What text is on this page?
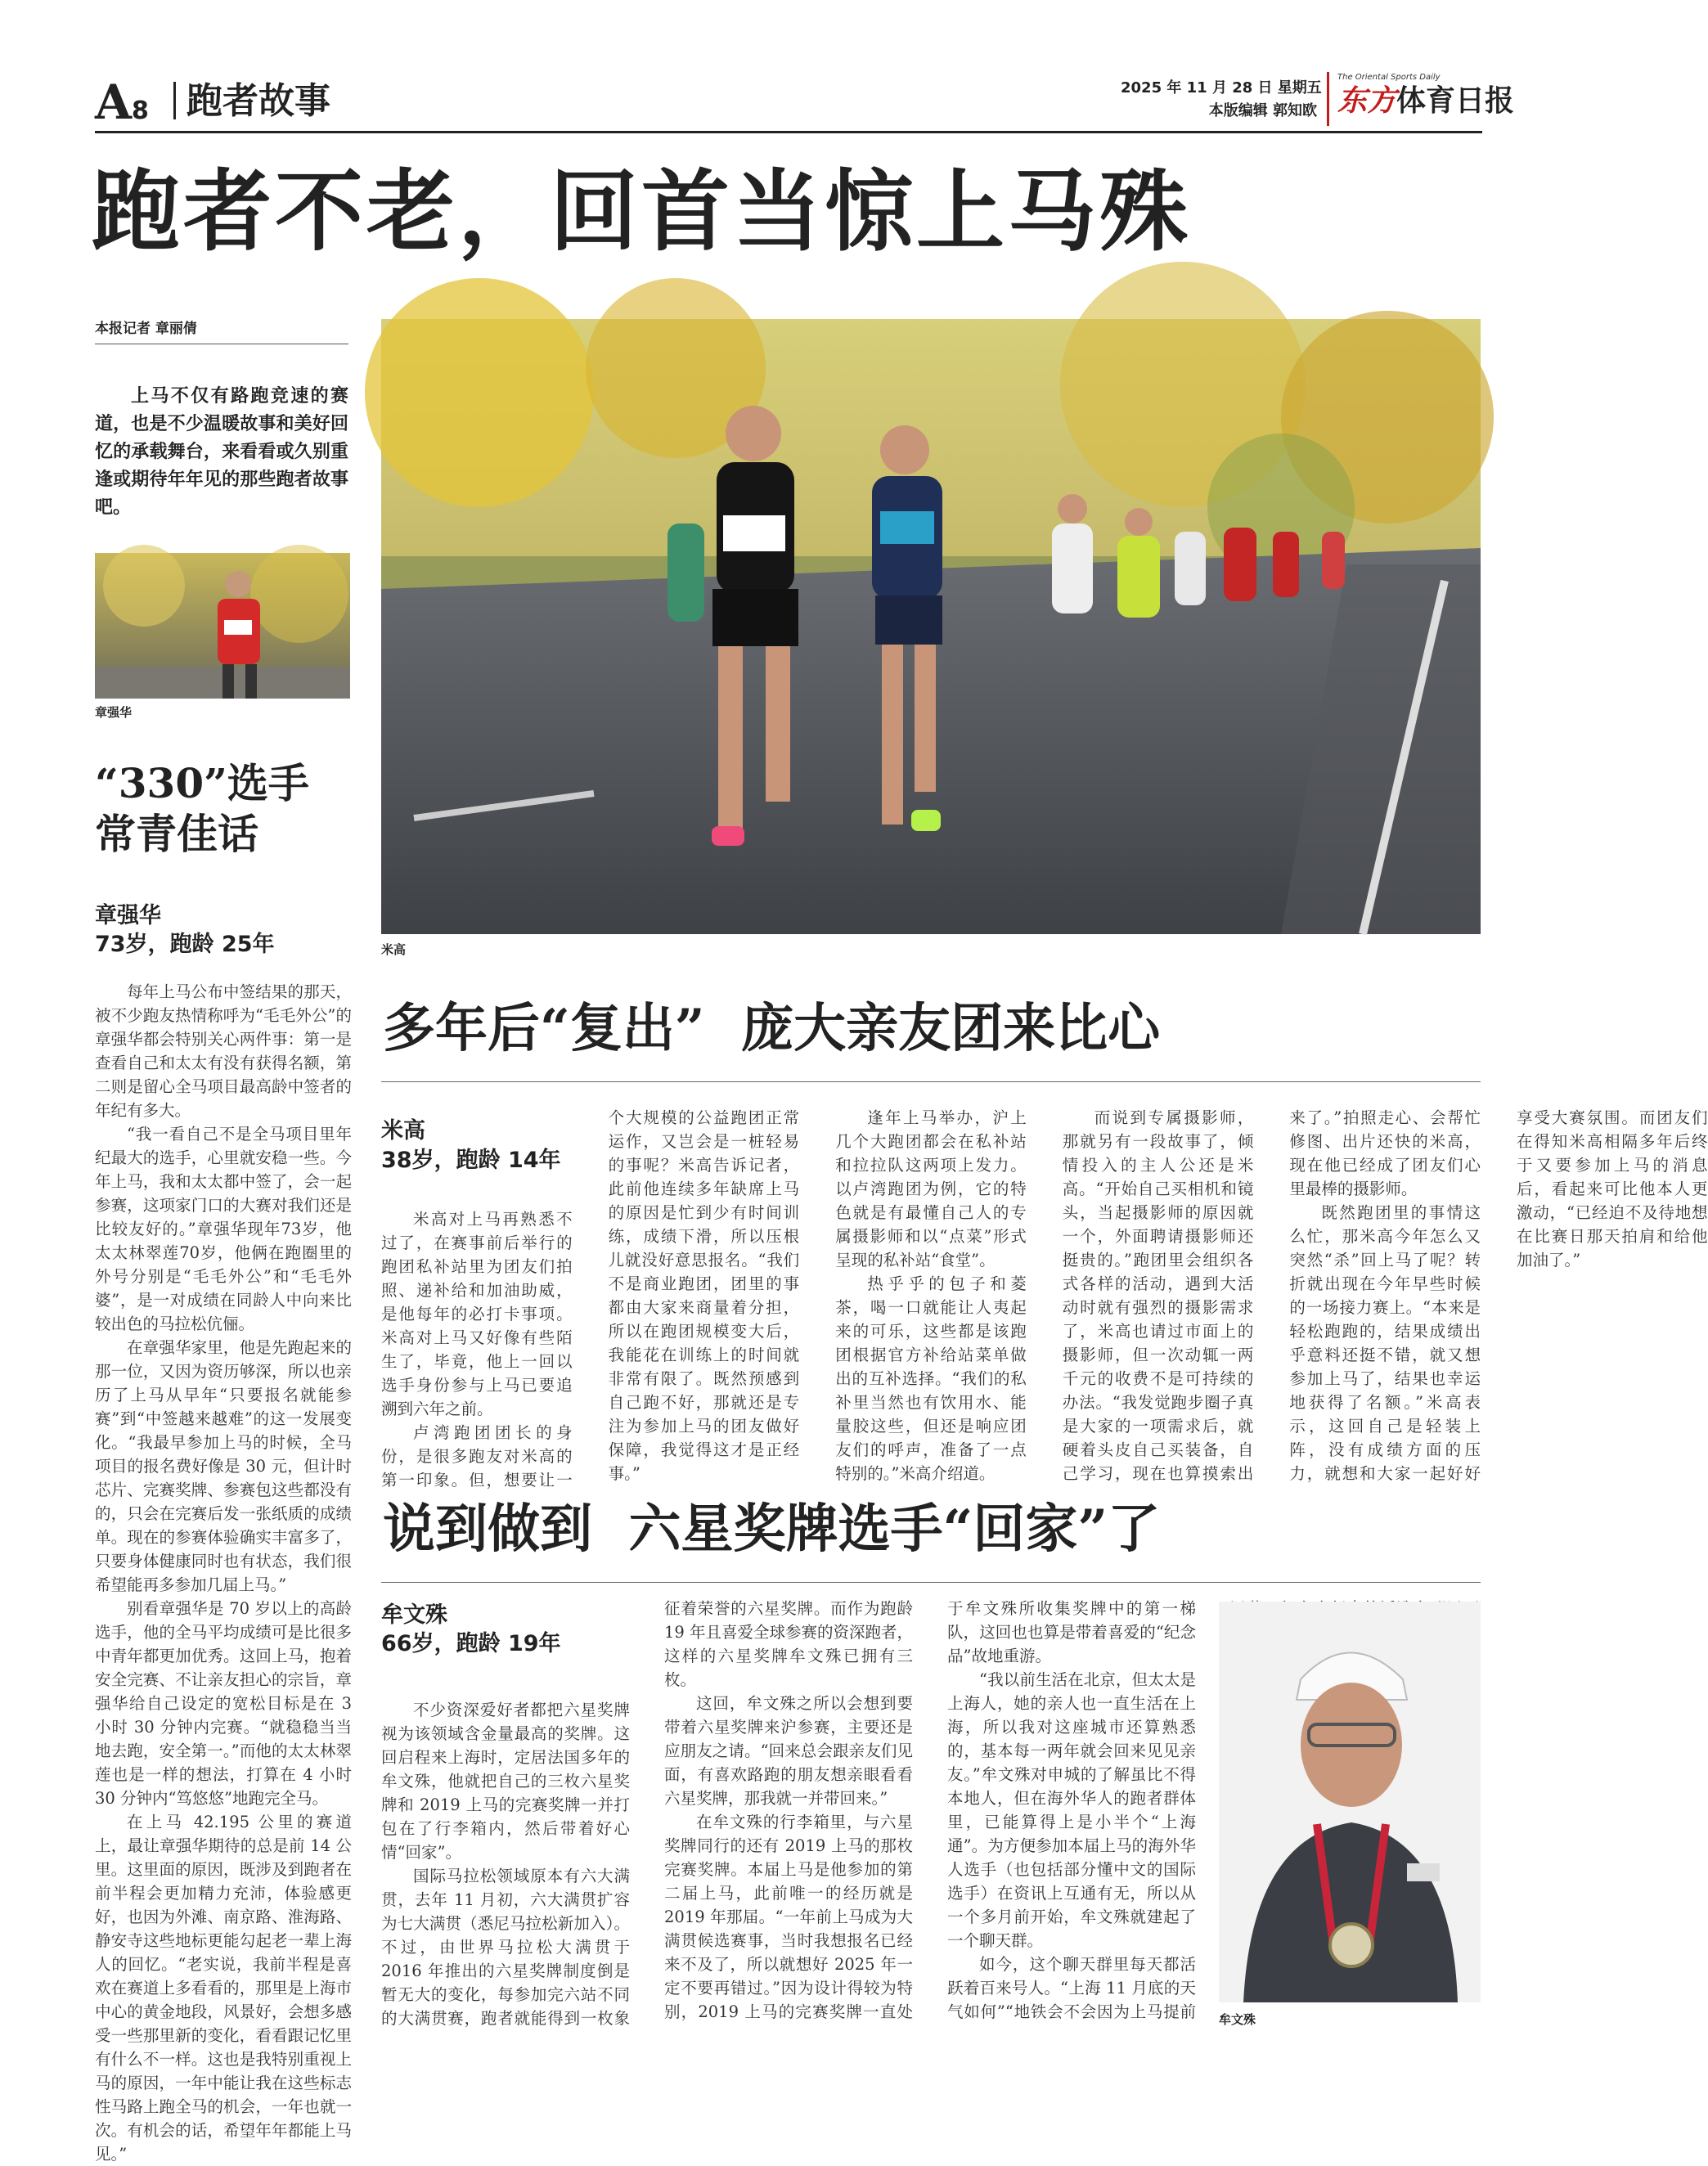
A8 跑者故事	2025 年 11 月 28 日 星期五
本版编辑 郭知欧
The Oriental Sports Daily
东方体育日报
跑者不老，回首当惊上马殊
本报记者 章丽倩
上马不仅有路跑竞速的赛道，也是不少温暖故事和美好回忆的承载舞台，来看看或久别重逢或期待年年见的那些跑者故事吧。
章强华
“330”选手
常青佳话
章强华
73岁，跑龄 25年

每年上马公布中签结果的那天，被不少跑友热情称呼为“毛毛外公”的章强华都会特别关心两件事：第一是查看自己和太太有没有获得名额，第二则是留心全马项目最高龄中签者的年纪有多大。

“我一看自己不是全马项目里年纪最大的选手，心里就安稳一些。今年上马，我和太太都中签了，会一起参赛，这项家门口的大赛对我们还是比较友好的。”章强华现年73岁，他太太林翠莲70岁，他俩在跑圈里的外号分别是“毛毛外公”和“毛毛外婆”，是一对成绩在同龄人中向来比较出色的马拉松伉俪。

在章强华家里，他是先跑起来的那一位，又因为资历够深，所以也亲历了上马从早年“只要报名就能参赛”到“中签越来越难”的这一发展变化。“我最早参加上马的时候，全马项目的报名费好像是 30 元，但计时芯片、完赛奖牌、参赛包这些都没有的，只会在完赛后发一张纸质的成绩单。现在的参赛体验确实丰富多了，只要身体健康同时也有状态，我们很希望能再多参加几届上马。”

别看章强华是 70 岁以上的高龄选手，他的全马平均成绩可是比很多中青年都更加优秀。这回上马，抱着安全完赛、不让亲友担心的宗旨，章强华给自己设定的宽松目标是在 3 小时 30 分钟内完赛。“就稳稳当当地去跑，安全第一。”而他的太太林翠莲也是一样的想法，打算在 4 小时 30 分钟内“笃悠悠”地跑完全马。

在上马 42.195 公里的赛道上，最让章强华期待的总是前 14 公里。这里面的原因，既涉及到跑者在前半程会更加精力充沛，体验感更好，也因为外滩、南京路、淮海路、静安寺这些地标更能勾起老一辈上海人的回忆。“老实说，我前半程是喜欢在赛道上多看看的，那里是上海市中心的黄金地段，风景好，会想多感受一些那里新的变化，看看跟记忆里有什么不一样。这也是我特别重视上马的原因，一年中能让我在这些标志性马路上跑全马的机会，一年也就一次。有机会的话，希望年年都能上马见。”

米高
多年后“复出”  庞大亲友团来比心
米高
38岁，跑龄 14年

米高对上马再熟悉不过了，在赛事前后举行的跑团私补站里为团友们拍照、递补给和加油助威，是他每年的必打卡事项。米高对上马又好像有些陌生了，毕竟，他上一回以选手身份参与上马已要追溯到六年之前。

卢湾跑团团长的身份，是很多跑友对米高的第一印象。但，想要让一个大规模的公益跑团正常运作，又岂会是一桩轻易的事呢？米高告诉记者，此前他连续多年缺席上马的原因是忙到少有时间训练，成绩下滑，所以压根儿就没好意思报名。“我们不是商业跑团，团里的事都由大家来商量着分担，所以在跑团规模变大后，我能花在训练上的时间就非常有限了。既然预感到自己跑不好，那就还是专注为参加上马的团友做好保障，我觉得这才是正经事。”

逢年上马举办，沪上几个大跑团都会在私补站和拉拉队这两项上发力。以卢湾跑团为例，它的特色就是有最懂自己人的专属摄影师和以“点菜”形式呈现的私补站“食堂”。

热乎乎的包子和菱茶，喝一口就能让人夷起来的可乐，这些都是该跑团根据官方补给站菜单做出的互补选择。“我们的私补里当然也有饮用水、能量胶这些，但还是响应团友们的呼声，准备了一点特别的。”米高介绍道。

而说到专属摄影师，那就另有一段故事了，倾情投入的主人公还是米高。“开始自己买相机和镜头，当起摄影师的原因就一个，外面聘请摄影师还挺贵的。”跑团里会组织各式各样的活动，遇到大活动时就有强烈的摄影需求了，米高也请过市面上的摄影师，但一次动辄一两千元的收费不是可持续的办法。“我发觉跑步圈子真是大家的一项需求后，就硬着头皮自己买装备，自己学习，现在也算摸索出来了。”拍照走心、会帮忙修图、出片还快的米高，现在他已经成了团友们心里最棒的摄影师。

既然跑团里的事情这么忙，那米高今年怎么又突然“杀”回上马了呢？转折就出现在今年早些时候的一场接力赛上。“本来是轻松跑跑的，结果成绩出乎意料还挺不错，就又想参加上马了，结果也幸运地获得了名额。”米高表示，这回自己是轻装上阵，没有成绩方面的压力，就想和大家一起好好享受大赛氛围。而团友们在得知米高相隔多年后终于又要参加上马的消息后，看起来可比他本人更激动，“已经迫不及待地想在比赛日那天拍肩和给他加油了。”

说到做到  六星奖牌选手“回家”了
牟文殊
66岁，跑龄 19年

不少资深爱好者都把六星奖牌视为该领域含金量最高的奖牌。这回启程来上海时，定居法国多年的牟文殊，他就把自己的三枚六星奖牌和 2019 上马的完赛奖牌一并打包在了行李箱内，然后带着好心情“回家”。

国际马拉松领域原本有六大满贯，去年 11 月初，六大满贯扩容为七大满贯（悉尼马拉松新加入）。不过，由世界马拉松大满贯于 2016 年推出的六星奖牌制度倒是暂无大的变化，每参加完六站不同的大满贯赛，跑者就能得到一枚象征着荣誉的六星奖牌。而作为跑龄 19 年且喜爱全球参赛的资深跑者，这样的六星奖牌牟文殊已拥有三枚。

这回，牟文殊之所以会想到要带着六星奖牌来沪参赛，主要还是应朋友之请。“回来总会跟亲友们见面，有喜欢路跑的朋友想亲眼看看六星奖牌，那我就一并带回来。”

在牟文殊的行李箱里，与六星奖牌同行的还有 2019 上马的那枚完赛奖牌。本届上马是他参加的第二届上马，此前唯一的经历就是 2019 年那届。“一年前上马成为大满贯候选赛事，当时我想报名已经来不及了，所以就想好 2025 年一定不要再错过。”因为设计得较为特别，2019 上马的完赛奖牌一直处于牟文殊所收集奖牌中的第一梯队，这回也也算是带着喜爱的“纪念品”故地重游。

“我以前生活在北京，但太太是上海人，她的亲人也一直生活在上海，所以我对这座城市还算熟悉的，基本每一两年就会回来见见亲友。”牟文殊对申城的了解虽比不得本地人，但在海外华人的跑者群体里，已能算得上是小半个“上海通”。为方便参加本届上马的海外华人选手（也包括部分懂中文的国际选手）在资讯上互通有无，所以从一个多月前开始，牟文殊就建起了一个聊天群。

如今，这个聊天群里每天都活跃着百来号人。“上海 11 月底的天气如何”“地铁会不会因为上马提前	牟文殊
